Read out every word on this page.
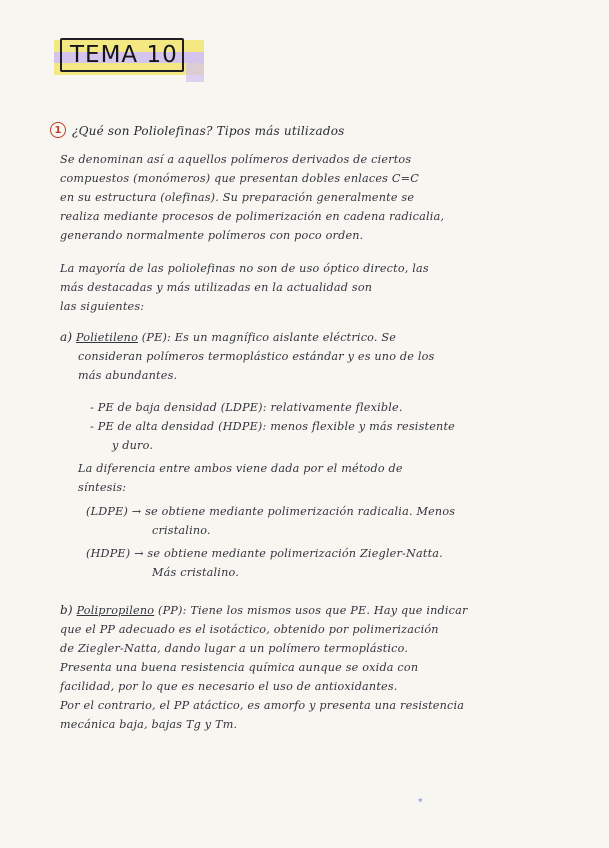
TEMA 10
1 ¿Qué son Poliolefinas? Tipos más utilizados
Se denominan así a aquellos polímeros derivados de ciertos
compuestos (monómeros) que presentan dobles enlaces C=C
en su estructura (olefinas). Su preparación generalmente se
realiza mediante procesos de polimerización en cadena radicalia,
generando normalmente polímeros con poco orden.
La mayoría de las poliolefinas no son de uso óptico directo, las
más destacadas y más utilizadas en la actualidad son
las siguientes:
a) Polietileno (PE): Es un magnífico aislante eléctrico. Se
consideran polímeros termoplástico estándar y es uno de los
más abundantes.
- PE de baja densidad (LDPE): relativamente flexible.
- PE de alta densidad (HDPE): menos flexible y más resistente
y duro.
La diferencia entre ambos viene dada por el método de
síntesis:
(LDPE) → se obtiene mediante polimerización radicalia. Menos
cristalino.
(HDPE) → se obtiene mediante polimerización Ziegler-Natta.
Más cristalino.
b) Polipropileno (PP): Tiene los mismos usos que PE. Hay que indicar
que el PP adecuado es el isotáctico, obtenido por polimerización
de Ziegler-Natta, dando lugar a un polímero termoplástico.
Presenta una buena resistencia química aunque se oxida con
facilidad, por lo que es necesario el uso de antioxidantes.
Por el contrario, el PP atáctico, es amorfo y presenta una resistencia
mecánica baja, bajas Tg y Tm.
*
